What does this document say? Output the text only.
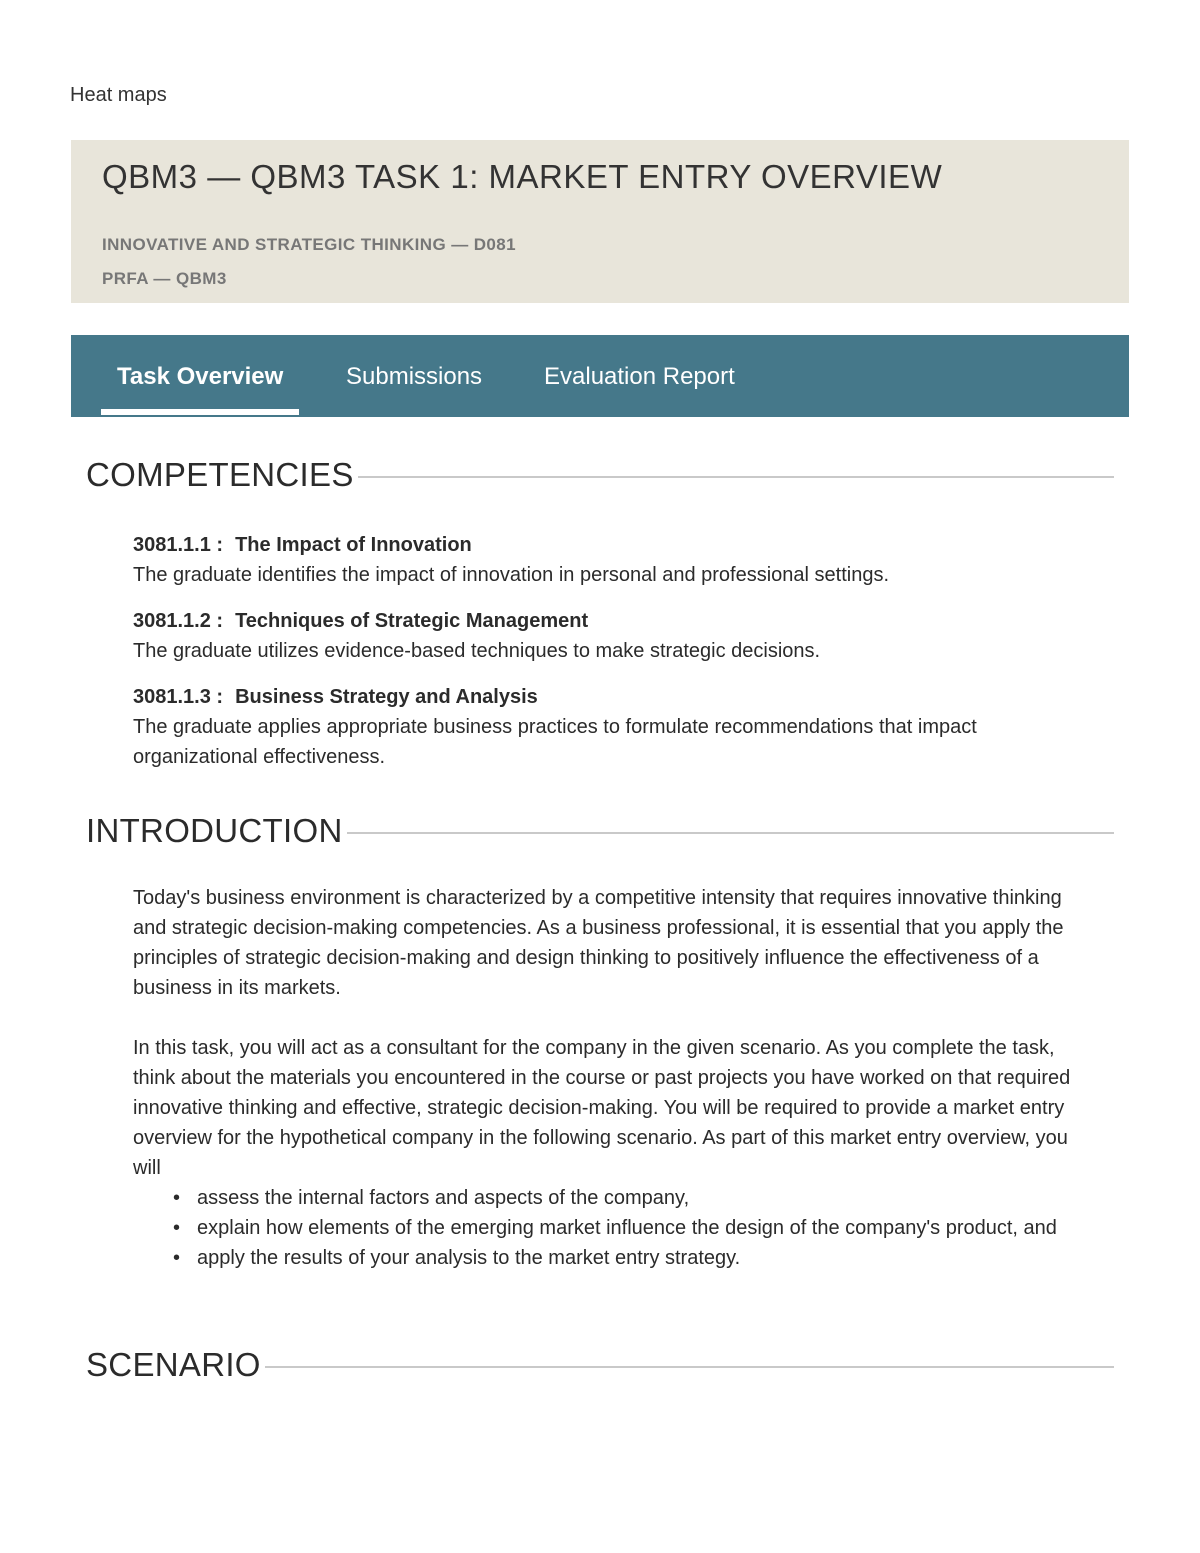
Heat maps
QBM3 — QBM3 TASK 1: MARKET ENTRY OVERVIEW
INNOVATIVE AND STRATEGIC THINKING — D081
PRFA — QBM3
Task Overview	Submissions	Evaluation Report
COMPETENCIES
3081.1.1 : The Impact of Innovation
The graduate identifies the impact of innovation in personal and professional settings.
3081.1.2 : Techniques of Strategic Management
The graduate utilizes evidence-based techniques to make strategic decisions.
3081.1.3 : Business Strategy and Analysis
The graduate applies appropriate business practices to formulate recommendations that impact organizational effectiveness.
INTRODUCTION

Today's business environment is characterized by a competitive intensity that requires innovative thinking and strategic decision-making competencies. As a business professional, it is essential that you apply the principles of strategic decision-making and design thinking to positively influence the effectiveness of a business in its markets.

In this task, you will act as a consultant for the company in the given scenario. As you complete the task, think about the materials you encountered in the course or past projects you have worked on that required innovative thinking and effective, strategic decision-making. You will be required to provide a market entry overview for the hypothetical company in the following scenario. As part of this market entry overview, you will

• assess the internal factors and aspects of the company,
• explain how elements of the emerging market influence the design of the company's product, and
• apply the results of your analysis to the market entry strategy.
SCENARIO
